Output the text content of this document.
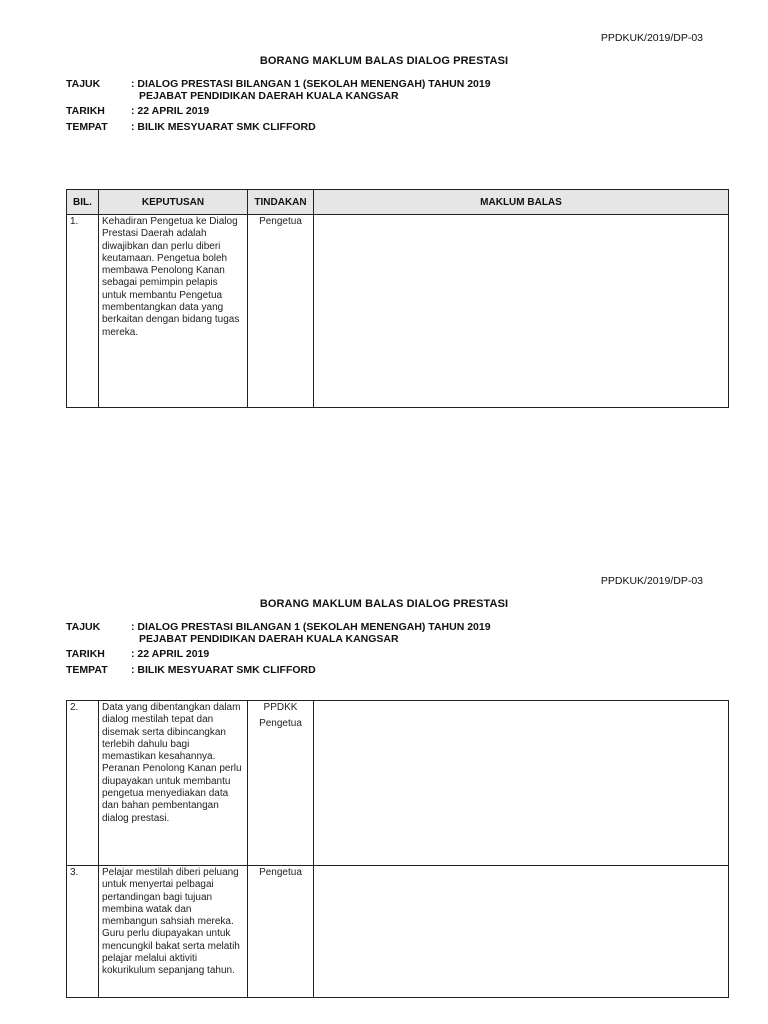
PPDKUK/2019/DP-03
BORANG MAKLUM BALAS DIALOG PRESTASI
TAJUK	: DIALOG PRESTASI BILANGAN 1 (SEKOLAH MENENGAH) TAHUN 2019
PEJABAT PENDIDIKAN DAERAH KUALA KANGSAR
TARIKH : 22 APRIL 2019
TEMPAT : BILIK MESYUARAT SMK CLIFFORD
BIL.	KEPUTUSAN	TINDAKAN	MAKLUM BALAS
1.	Kehadiran Pengetua ke Dialog Prestasi Daerah adalah diwajibkan dan perlu diberi keutamaan. Pengetua boleh membawa Penolong Kanan sebagai pemimpin pelapis untuk membantu Pengetua membentangkan data yang berkaitan dengan bidang tugas mereka.	Pengetua	

PPDKUK/2019/DP-03
BORANG MAKLUM BALAS DIALOG PRESTASI
TAJUK	: DIALOG PRESTASI BILANGAN 1 (SEKOLAH MENENGAH) TAHUN 2019
PEJABAT PENDIDIKAN DAERAH KUALA KANGSAR
TARIKH : 22 APRIL 2019
TEMPAT : BILIK MESYUARAT SMK CLIFFORD
2.	Data yang dibentangkan dalam dialog mestilah tepat dan disemak serta dibincangkan terlebih dahulu bagi memastikan kesahannya. Peranan Penolong Kanan perlu diupayakan untuk membantu pengetua menyediakan data dan bahan pembentangan dialog prestasi.	PPDKK
Pengetua	

3.	Pelajar mestilah diberi peluang untuk menyertai pelbagai pertandingan bagi tujuan membina watak dan membangun sahsiah mereka. Guru perlu diupayakan untuk mencungkil bakat serta melatih pelajar melalui aktiviti kokurikulum sepanjang tahun.	Pengetua	
